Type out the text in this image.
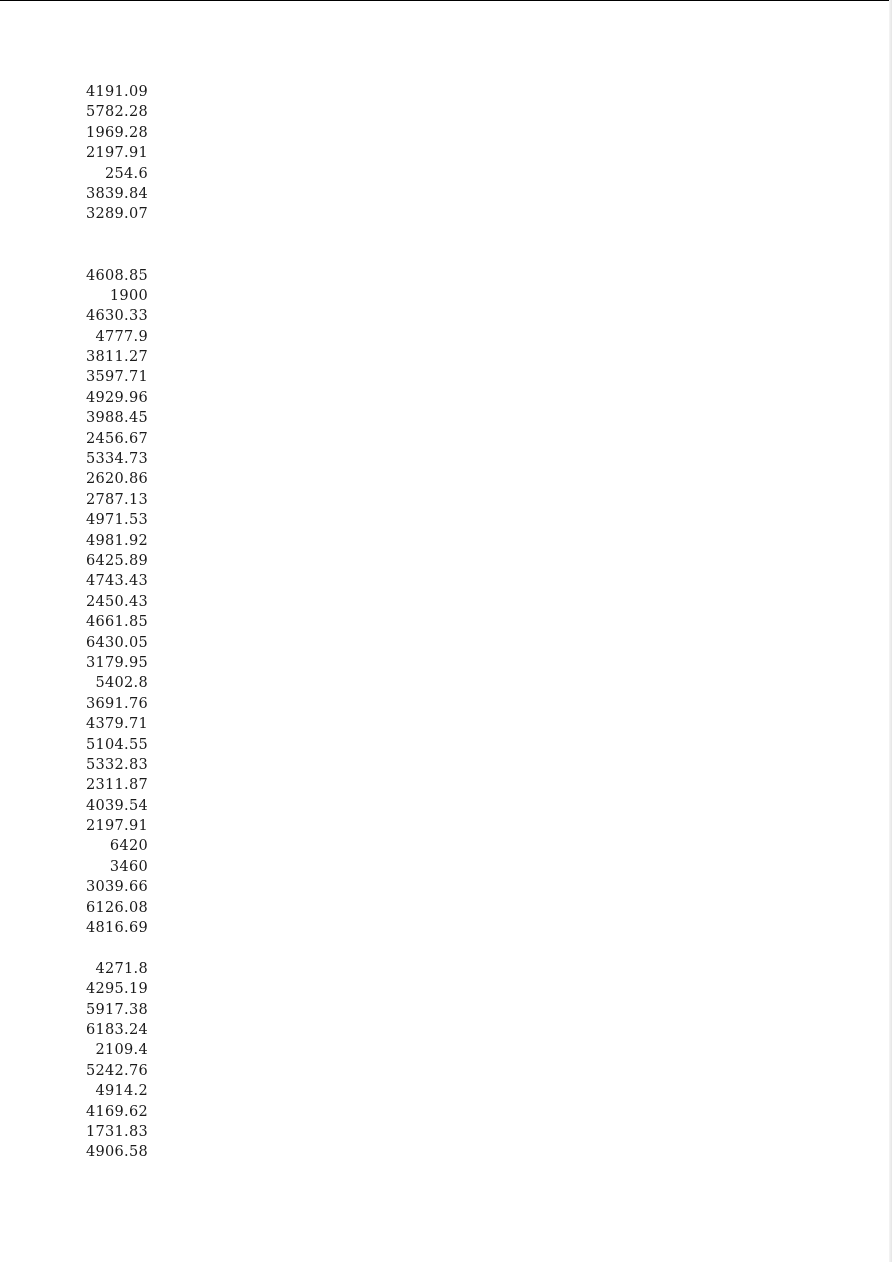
4191.09
5782.28
1969.28
2197.91
254.6
3839.84
3289.07
4608.85
1900
4630.33
4777.9
3811.27
3597.71
4929.96
3988.45
2456.67
5334.73
2620.86
2787.13
4971.53
4981.92
6425.89
4743.43
2450.43
4661.85
6430.05
3179.95
5402.8
3691.76
4379.71
5104.55
5332.83
2311.87
4039.54
2197.91
6420
3460
3039.66
6126.08
4816.69
4271.8
4295.19
5917.38
6183.24
2109.4
5242.76
4914.2
4169.62
1731.83
4906.58
